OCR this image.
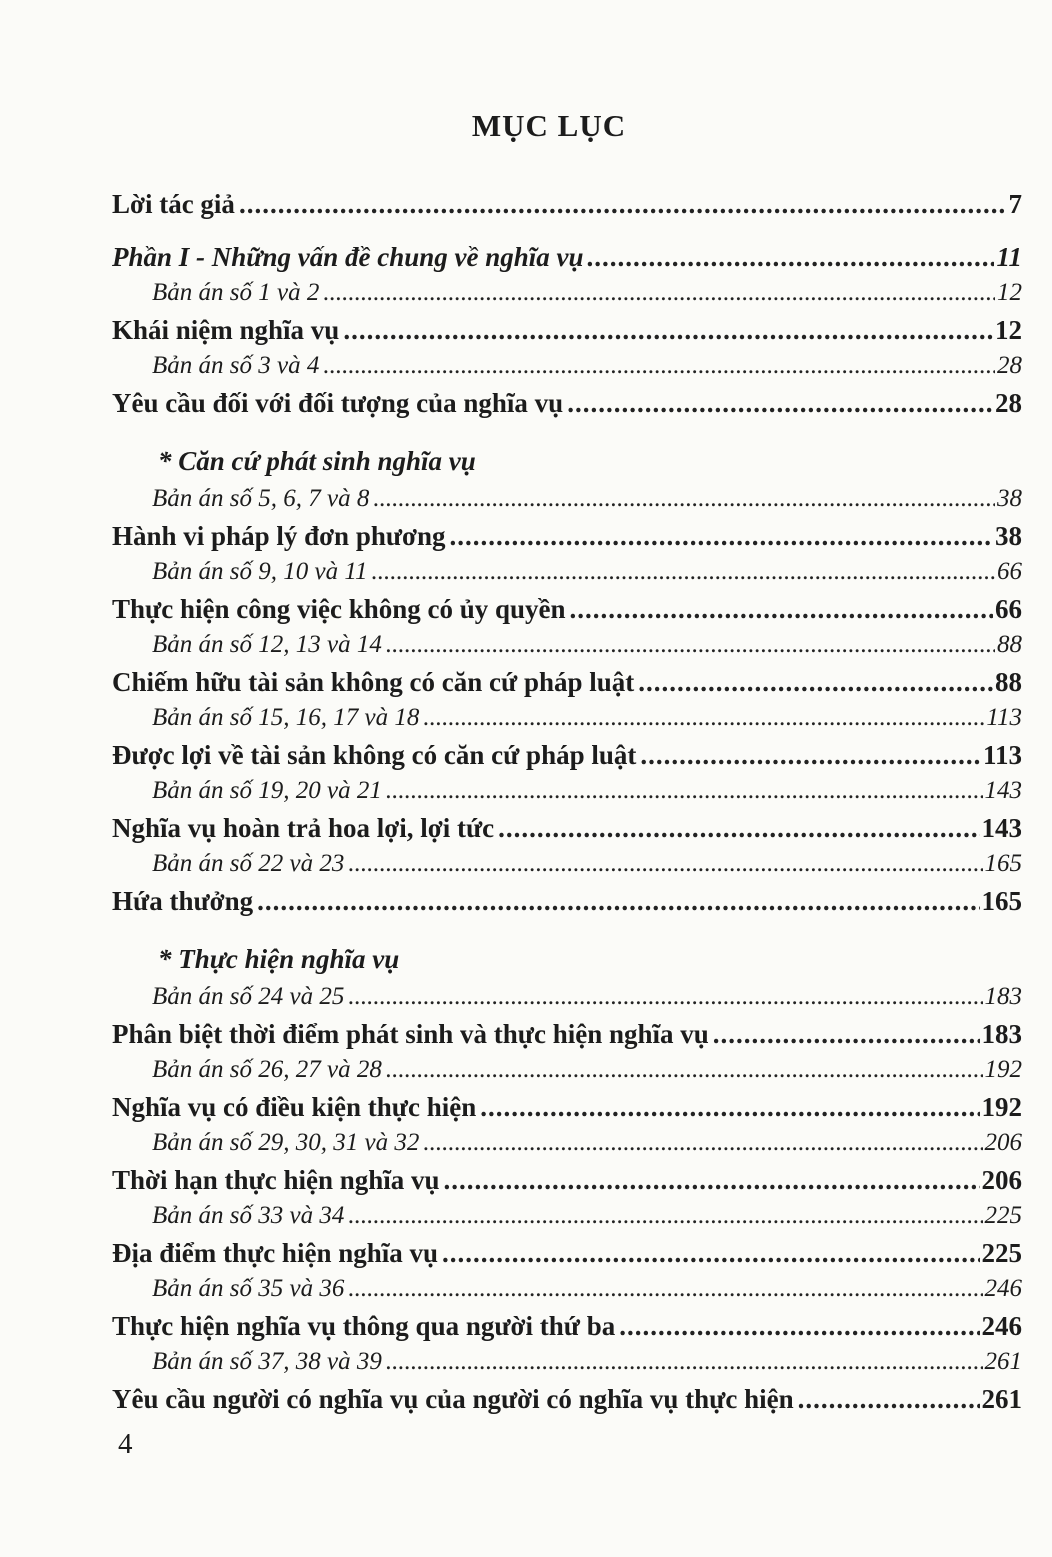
MỤC LỤC
Lời tác giả .....	7
Phần I - Những vấn đề chung về nghĩa vụ .....	11
Bản án số 1 và 2 .....	12
Khái niệm nghĩa vụ .....	12
Bản án số 3 và 4 .....	28
Yêu cầu đối với đối tượng của nghĩa vụ .....	28
* Căn cứ phát sinh nghĩa vụ
Bản án số 5, 6, 7 và 8 .....	38
Hành vi pháp lý đơn phương .....	38
Bản án số 9, 10 và 11 .....	66
Thực hiện công việc không có ủy quyền .....	66
Bản án số 12, 13 và 14 .....	88
Chiếm hữu tài sản không có căn cứ pháp luật .....	88
Bản án số 15, 16, 17 và 18 .....	113
Được lợi về tài sản không có căn cứ pháp luật .....	113
Bản án số 19, 20 và 21 .....	143
Nghĩa vụ hoàn trả hoa lợi, lợi tức .....	143
Bản án số 22 và 23 .....	165
Hứa thưởng .....	165
* Thực hiện nghĩa vụ
Bản án số 24 và 25 .....	183
Phân biệt thời điểm phát sinh và thực hiện nghĩa vụ .....	183
Bản án số 26, 27 và 28 .....	192
Nghĩa vụ có điều kiện thực hiện .....	192
Bản án số 29, 30, 31 và 32 .....	206
Thời hạn thực hiện nghĩa vụ .....	206
Bản án số 33 và 34 .....	225
Địa điểm thực hiện nghĩa vụ .....	225
Bản án số 35 và 36 .....	246
Thực hiện nghĩa vụ thông qua người thứ ba .....	246
Bản án số 37, 38 và 39 .....	261
Yêu cầu người có nghĩa vụ của người có nghĩa vụ thực hiện .....	261
4
